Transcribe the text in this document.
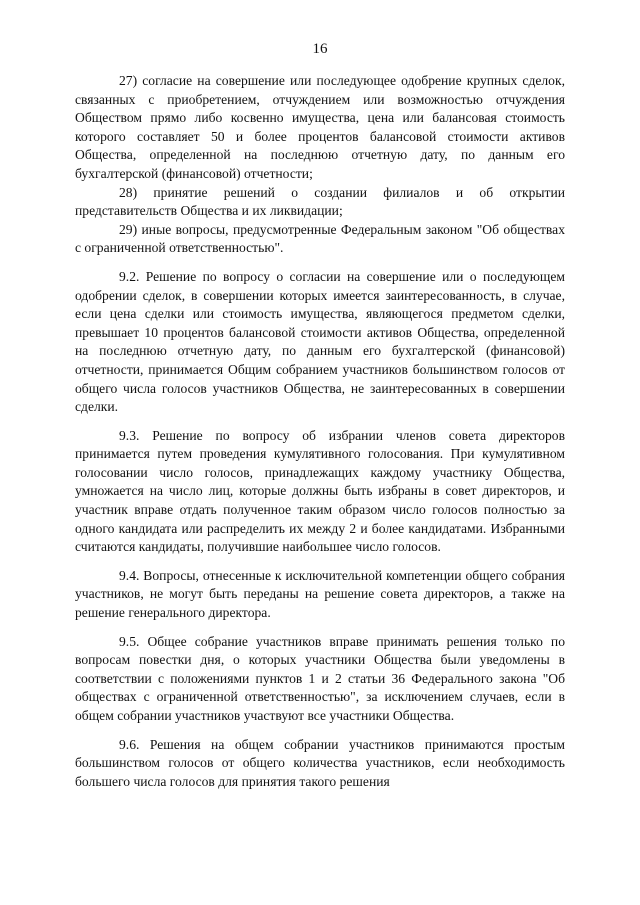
16

27) согласие на совершение или последующее одобрение крупных сделок, связанных с приобретением, отчуждением или возможностью отчуждения Обществом прямо либо косвенно имущества, цена или балансовая стоимость которого составляет 50 и более процентов балансовой стоимости активов Общества, определенной на последнюю отчетную дату, по данным его бухгалтерской (финансовой) отчетности;

28) принятие решений о создании филиалов и об открытии представительств Общества и их ликвидации;

29) иные вопросы, предусмотренные Федеральным законом "Об обществах с ограниченной ответственностью".

9.2. Решение по вопросу о согласии на совершение или о последующем одобрении сделок, в совершении которых имеется заинтересованность, в случае, если цена сделки или стоимость имущества, являющегося предметом сделки, превышает 10 процентов балансовой стоимости активов Общества, определенной на последнюю отчетную дату, по данным его бухгалтерской (финансовой) отчетности, принимается Общим собранием участников большинством голосов от общего числа голосов участников Общества, не заинтересованных в совершении сделки.

9.3. Решение по вопросу об избрании членов совета директоров принимается путем проведения кумулятивного голосования. При кумулятивном голосовании число голосов, принадлежащих каждому участнику Общества, умножается на число лиц, которые должны быть избраны в совет директоров, и участник вправе отдать полученное таким образом число голосов полностью за одного кандидата или распределить их между 2 и более кандидатами. Избранными считаются кандидаты, получившие наибольшее число голосов.

9.4. Вопросы, отнесенные к исключительной компетенции общего собрания участников, не могут быть переданы на решение совета директоров, а также на решение генерального директора.

9.5. Общее собрание участников вправе принимать решения только по вопросам повестки дня, о которых участники Общества были уведомлены в соответствии с положениями пунктов 1 и 2 статьи 36 Федерального закона "Об обществах с ограниченной ответственностью", за исключением случаев, если в общем собрании участников участвуют все участники Общества.

9.6. Решения на общем собрании участников принимаются простым большинством голосов от общего количества участников, если необходимость большего числа голосов для принятия такого решения
